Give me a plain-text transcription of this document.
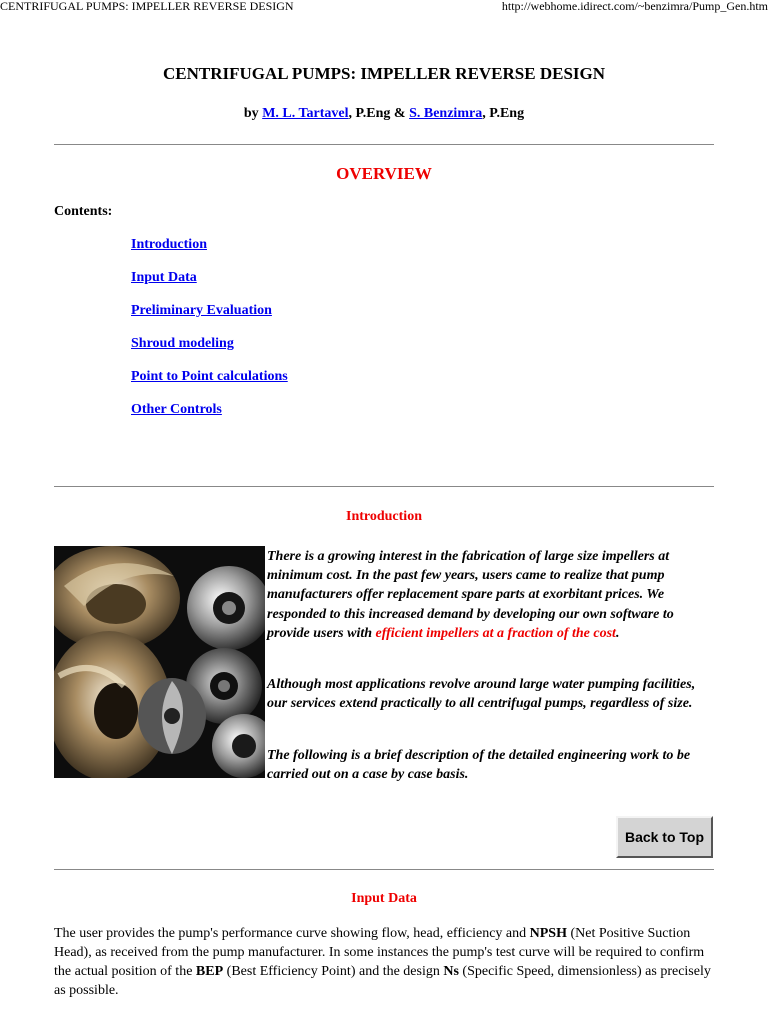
CENTRIFUGAL PUMPS: IMPELLER REVERSE DESIGN	http://webhome.idirect.com/~benzimra/Pump_Gen.htm
CENTRIFUGAL PUMPS: IMPELLER REVERSE DESIGN
by M. L. Tartavel, P.Eng & S. Benzimra, P.Eng
OVERVIEW
Contents:
Introduction
Input Data
Preliminary Evaluation
Shroud modeling
Point to Point calculations
Other Controls
Introduction

There is a growing interest in the fabrication of large size impellers at minimum cost. In the past few years, users came to realize that pump manufacturers offer replacement spare parts at exorbitant prices. We responded to this increased demand by developing our own software to provide users with efficient impellers at a fraction of the cost.

Although most applications revolve around large water pumping facilities, our services extend practically to all centrifugal pumps, regardless of size.
The following is a brief description of the detailed engineering work to be carried out on a case by case basis.
Back to Top
Input Data

The user provides the pump's performance curve showing flow, head, efficiency and NPSH (Net Positive Suction Head), as received from the pump manufacturer. In some instances the pump's test curve will be required to confirm the actual position of the BEP (Best Efficiency Point) and the design Ns (Specific Speed, dimensionless) as precisely as possible.
